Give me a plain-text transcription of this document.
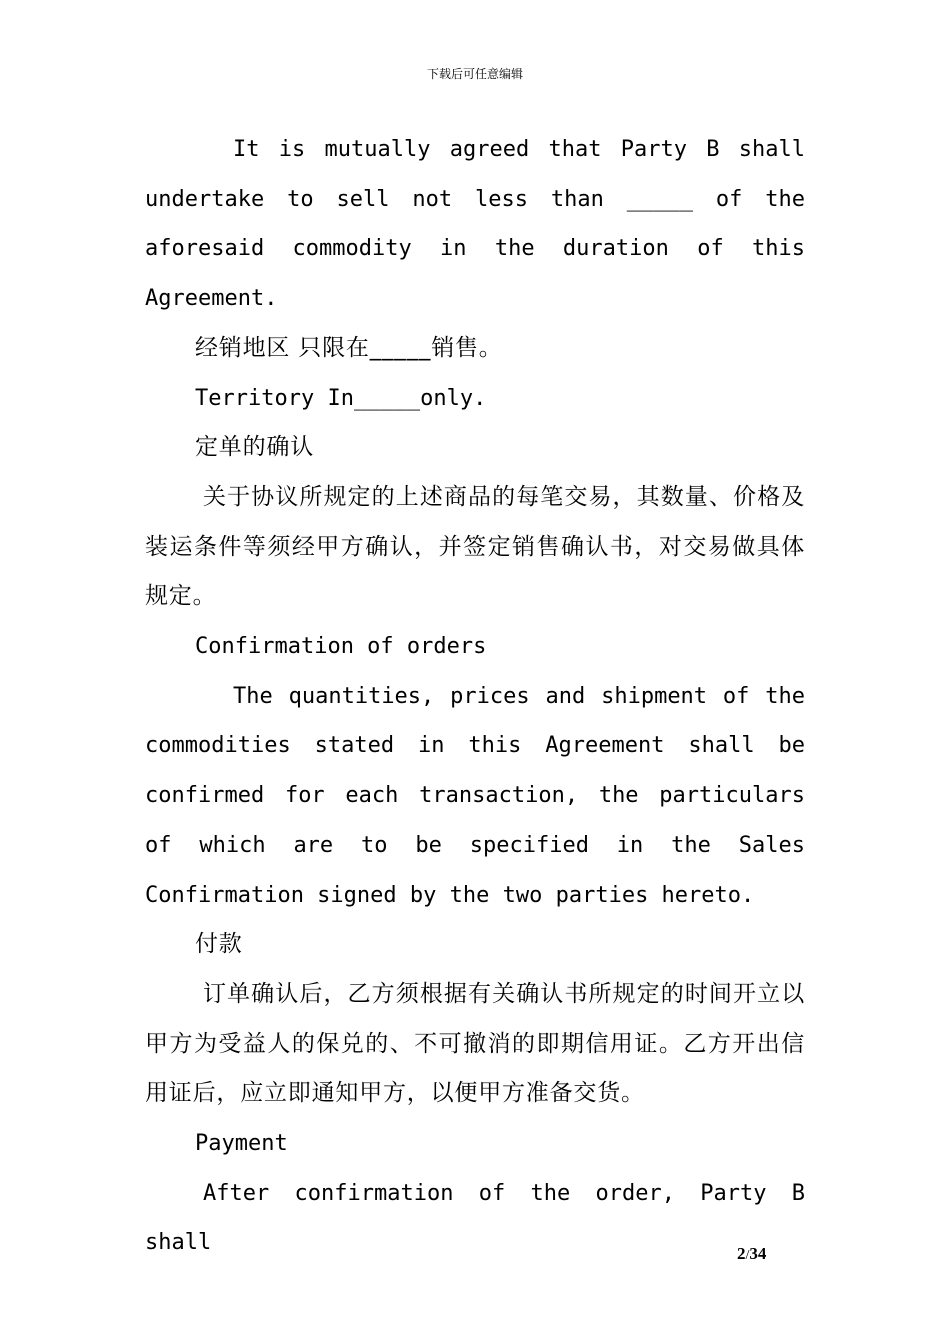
下载后可任意编辑

It is mutually agreed that Party B shall undertake to sell not less than _____ of the aforesaid commodity in the duration of this Agreement.

经销地区 只限在_____销售。

Territory In_____only.

定单的确认

关于协议所规定的上述商品的每笔交易，其数量、价格及装运条件等须经甲方确认，并签定销售确认书，对交易做具体规定。

Confirmation of orders

The quantities, prices and shipment of the commodities stated in this Agreement shall be confirmed for each transaction, the particulars of which are to be specified in the Sales Confirmation signed by the two parties hereto.

付款

订单确认后，乙方须根据有关确认书所规定的时间开立以甲方为受益人的保兑的、不可撤消的即期信用证。乙方开出信用证后，应立即通知甲方，以便甲方准备交货。

Payment

After confirmation of the order, Party B shall	2/34
